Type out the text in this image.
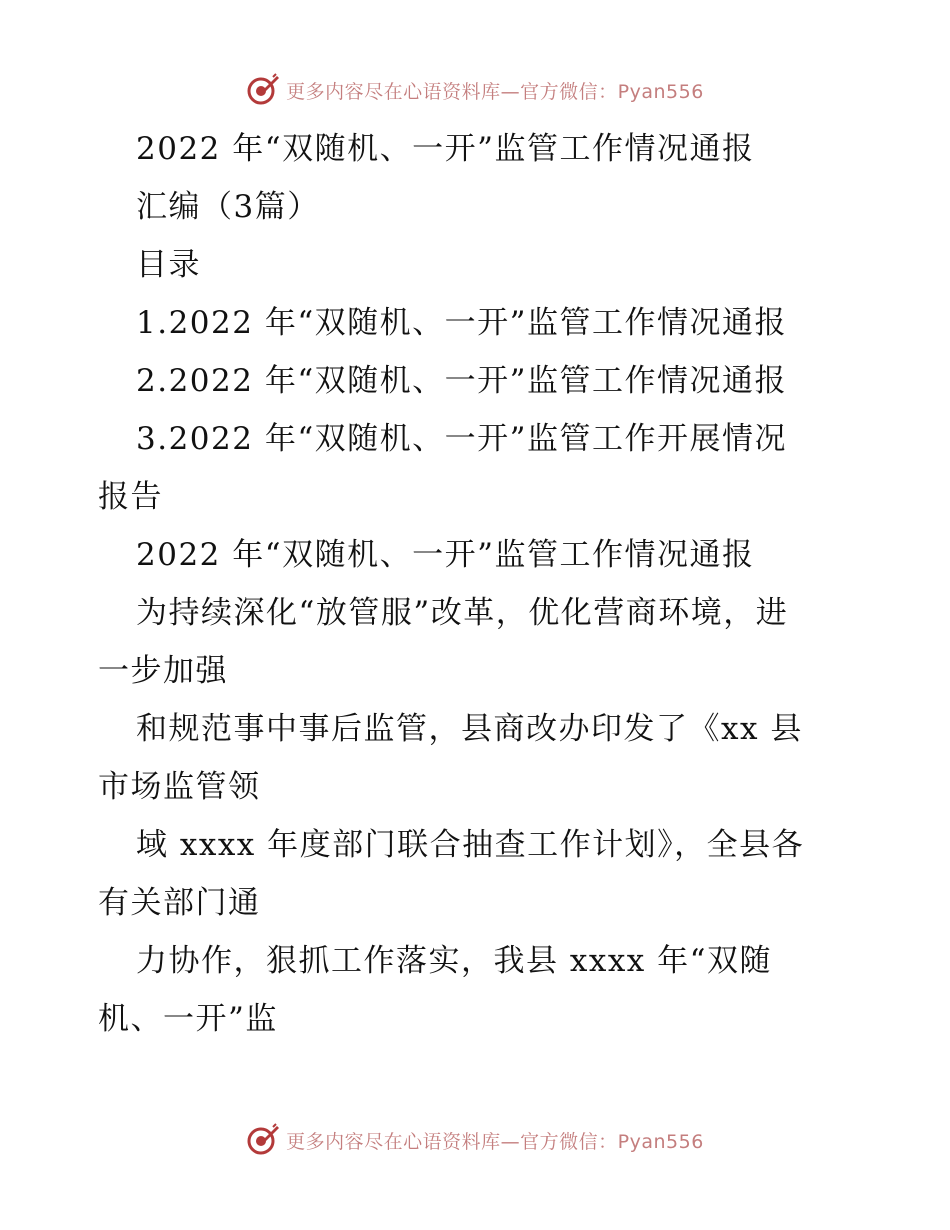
更多内容尽在心语资料库—官方微信：Pyan556
2022 年“双随机、一开”监管工作情况通报
汇编（3篇）
目录
1.2022 年“双随机、一开”监管工作情况通报
2.2022 年“双随机、一开”监管工作情况通报
3.2022 年“双随机、一开”监管工作开展情况
报告
2022 年“双随机、一开”监管工作情况通报
为持续深化“放管服”改革，优化营商环境，进
一步加强
和规范事中事后监管，县商改办印发了《xx 县
市场监管领
域 xxxx 年度部门联合抽查工作计划》，全县各
有关部门通
力协作，狠抓工作落实，我县 xxxx 年“双随
机、一开”监
更多内容尽在心语资料库—官方微信：Pyan556
